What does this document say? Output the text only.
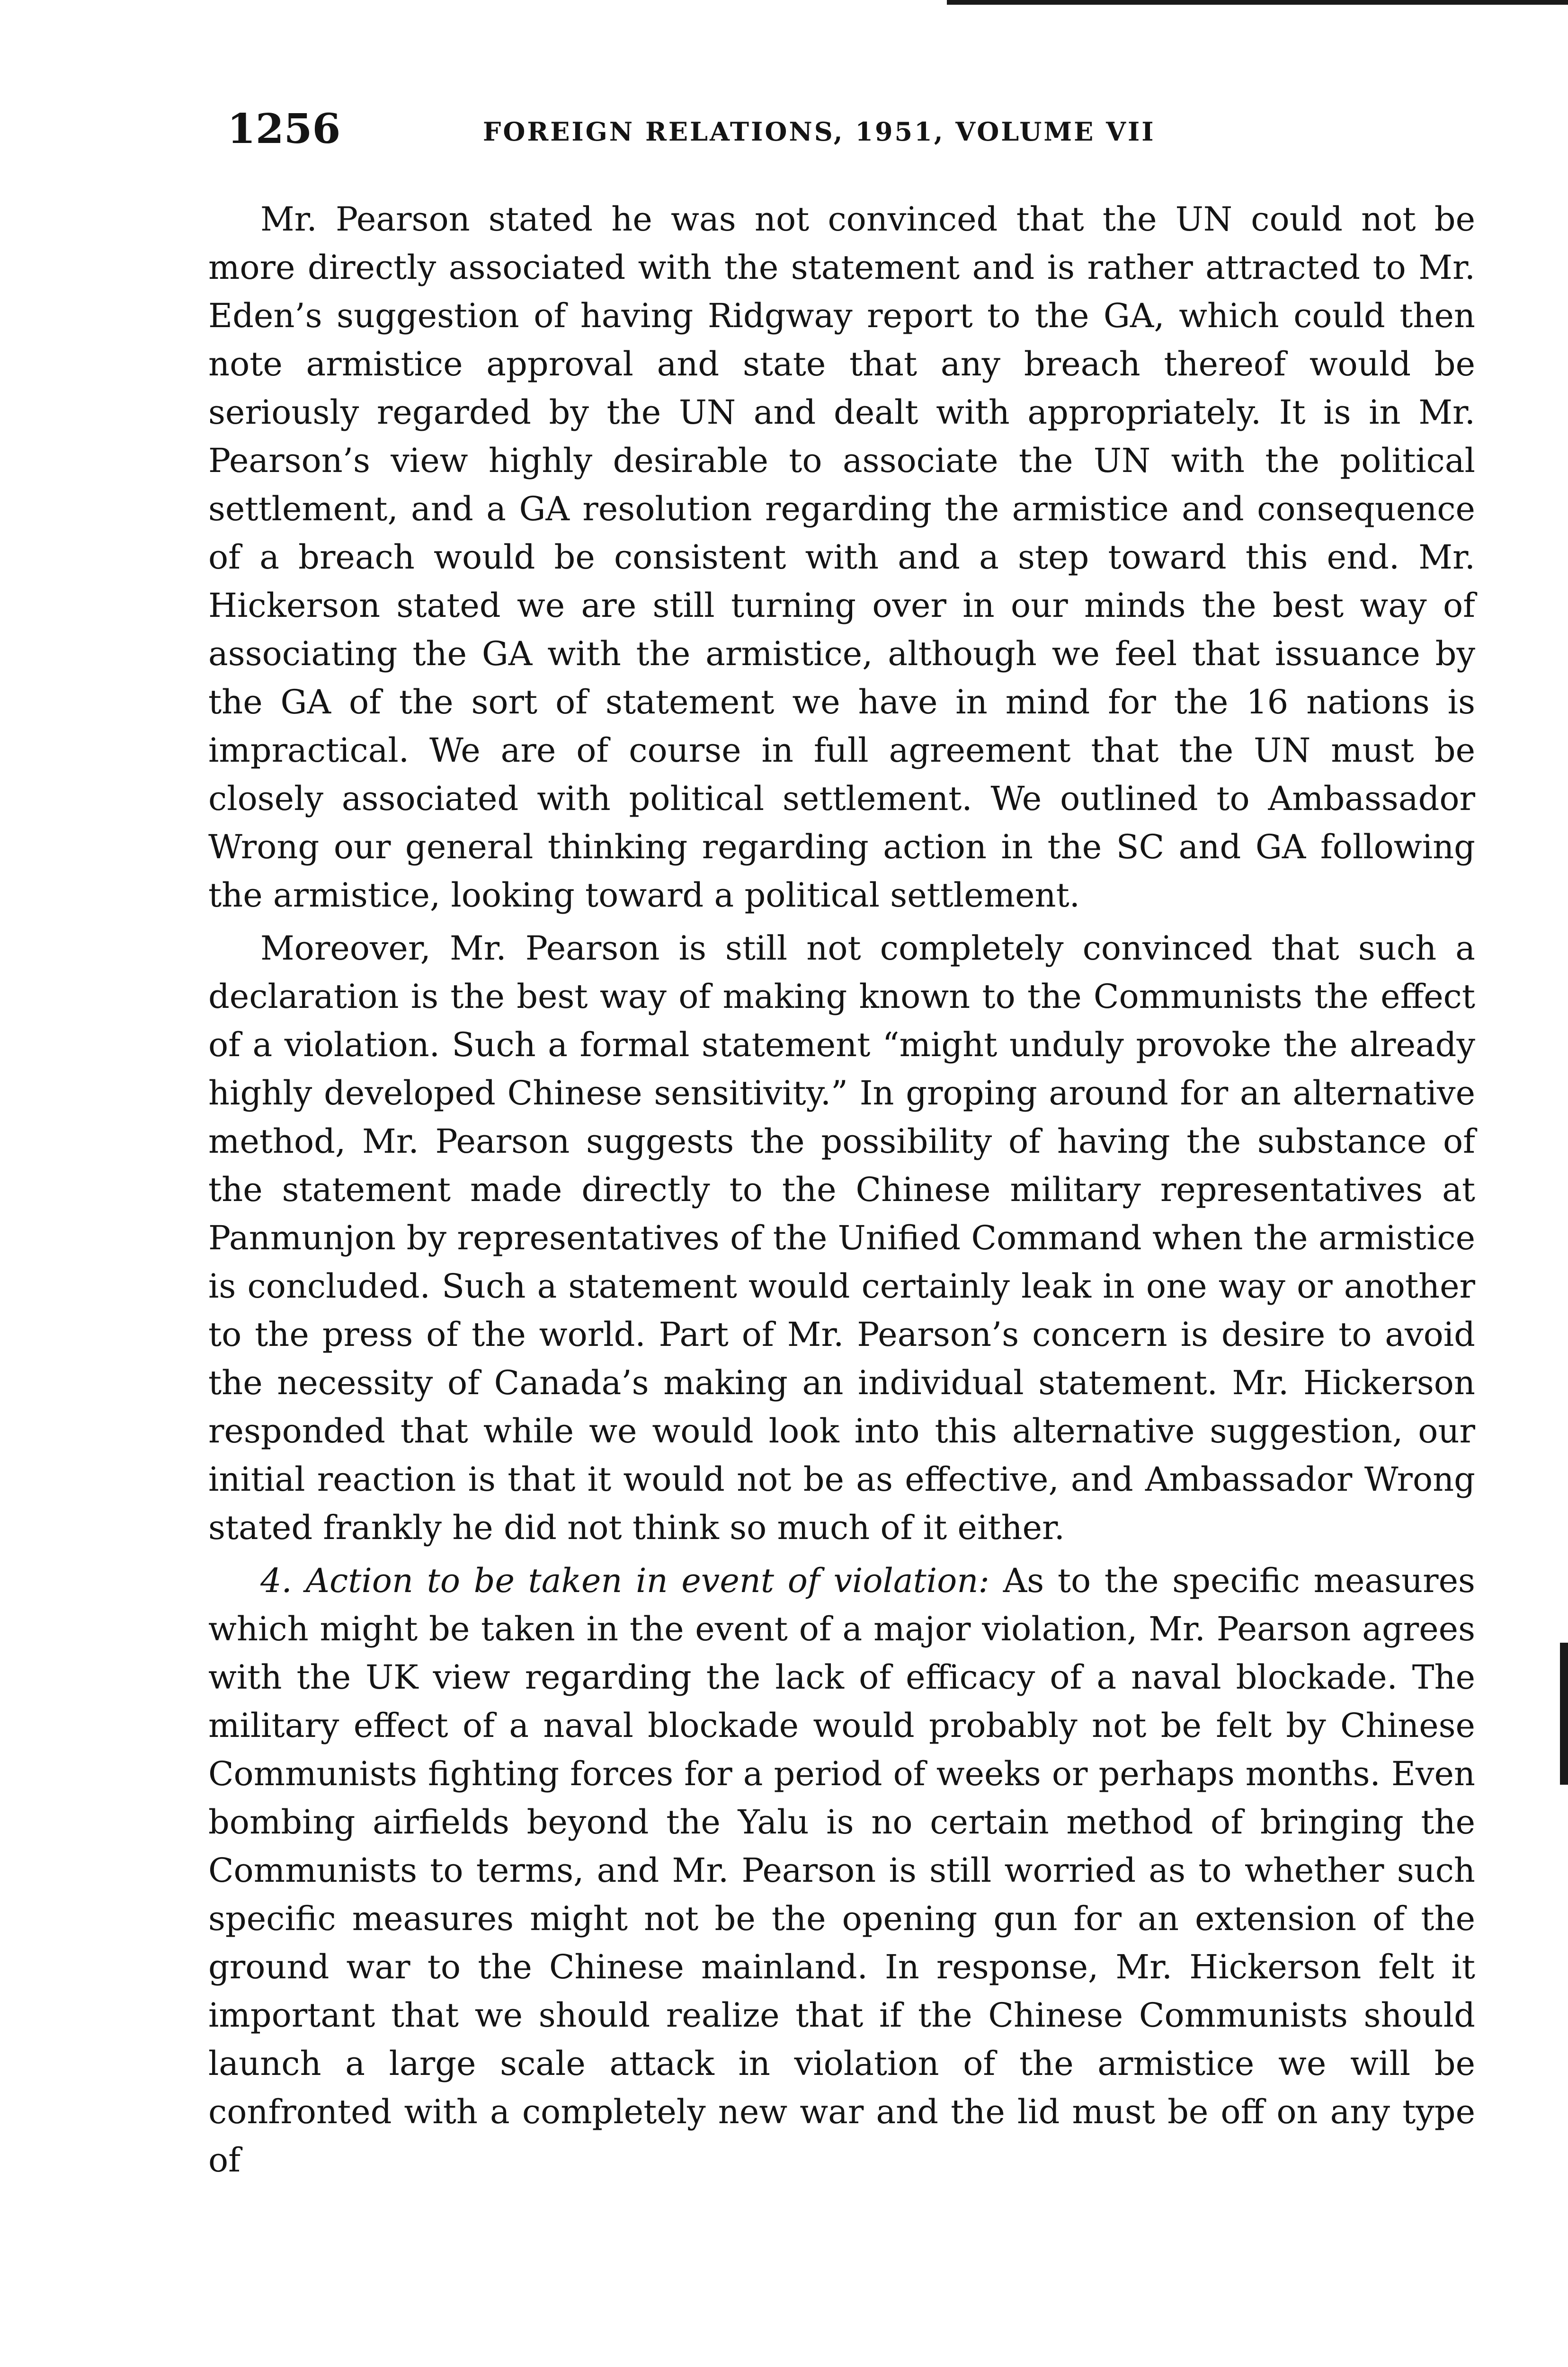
1256	FOREIGN RELATIONS, 1951, VOLUME VII

Mr. Pearson stated he was not convinced that the UN could not be more directly associated with the statement and is rather attracted to Mr. Eden’s suggestion of having Ridgway report to the GA, which could then note armistice approval and state that any breach thereof would be seriously regarded by the UN and dealt with appropriately. It is in Mr. Pearson’s view highly desirable to associate the UN with the political settlement, and a GA resolution regarding the armistice and consequence of a breach would be consistent with and a step toward this end. Mr. Hickerson stated we are still turning over in our minds the best way of associating the GA with the armistice, although we feel that issuance by the GA of the sort of statement we have in mind for the 16 nations is impractical. We are of course in full agreement that the UN must be closely associated with political settlement. We outlined to Ambassador Wrong our general thinking regarding action in the SC and GA following the armistice, looking toward a political settlement.

Moreover, Mr. Pearson is still not completely convinced that such a declaration is the best way of making known to the Communists the effect of a violation. Such a formal statement “might unduly provoke the already highly developed Chinese sensitivity.” In groping around for an alternative method, Mr. Pearson suggests the possibility of having the substance of the statement made directly to the Chinese military representatives at Panmunjon by representatives of the Unified Command when the armistice is concluded. Such a statement would certainly leak in one way or another to the press of the world. Part of Mr. Pearson’s concern is desire to avoid the necessity of Canada’s making an individual statement. Mr. Hickerson responded that while we would look into this alternative suggestion, our initial reaction is that it would not be as effective, and Ambassador Wrong stated frankly he did not think so much of it either.

4. Action to be taken in event of violation: As to the specific measures which might be taken in the event of a major violation, Mr. Pearson agrees with the UK view regarding the lack of efficacy of a naval blockade. The military effect of a naval blockade would probably not be felt by Chinese Communists fighting forces for a period of weeks or perhaps months. Even bombing airfields beyond the Yalu is no certain method of bringing the Communists to terms, and Mr. Pearson is still worried as to whether such specific measures might not be the opening gun for an extension of the ground war to the Chinese mainland. In response, Mr. Hickerson felt it important that we should realize that if the Chinese Communists should launch a large scale attack in violation of the armistice we will be confronted with a completely new war and the lid must be off on any type of
